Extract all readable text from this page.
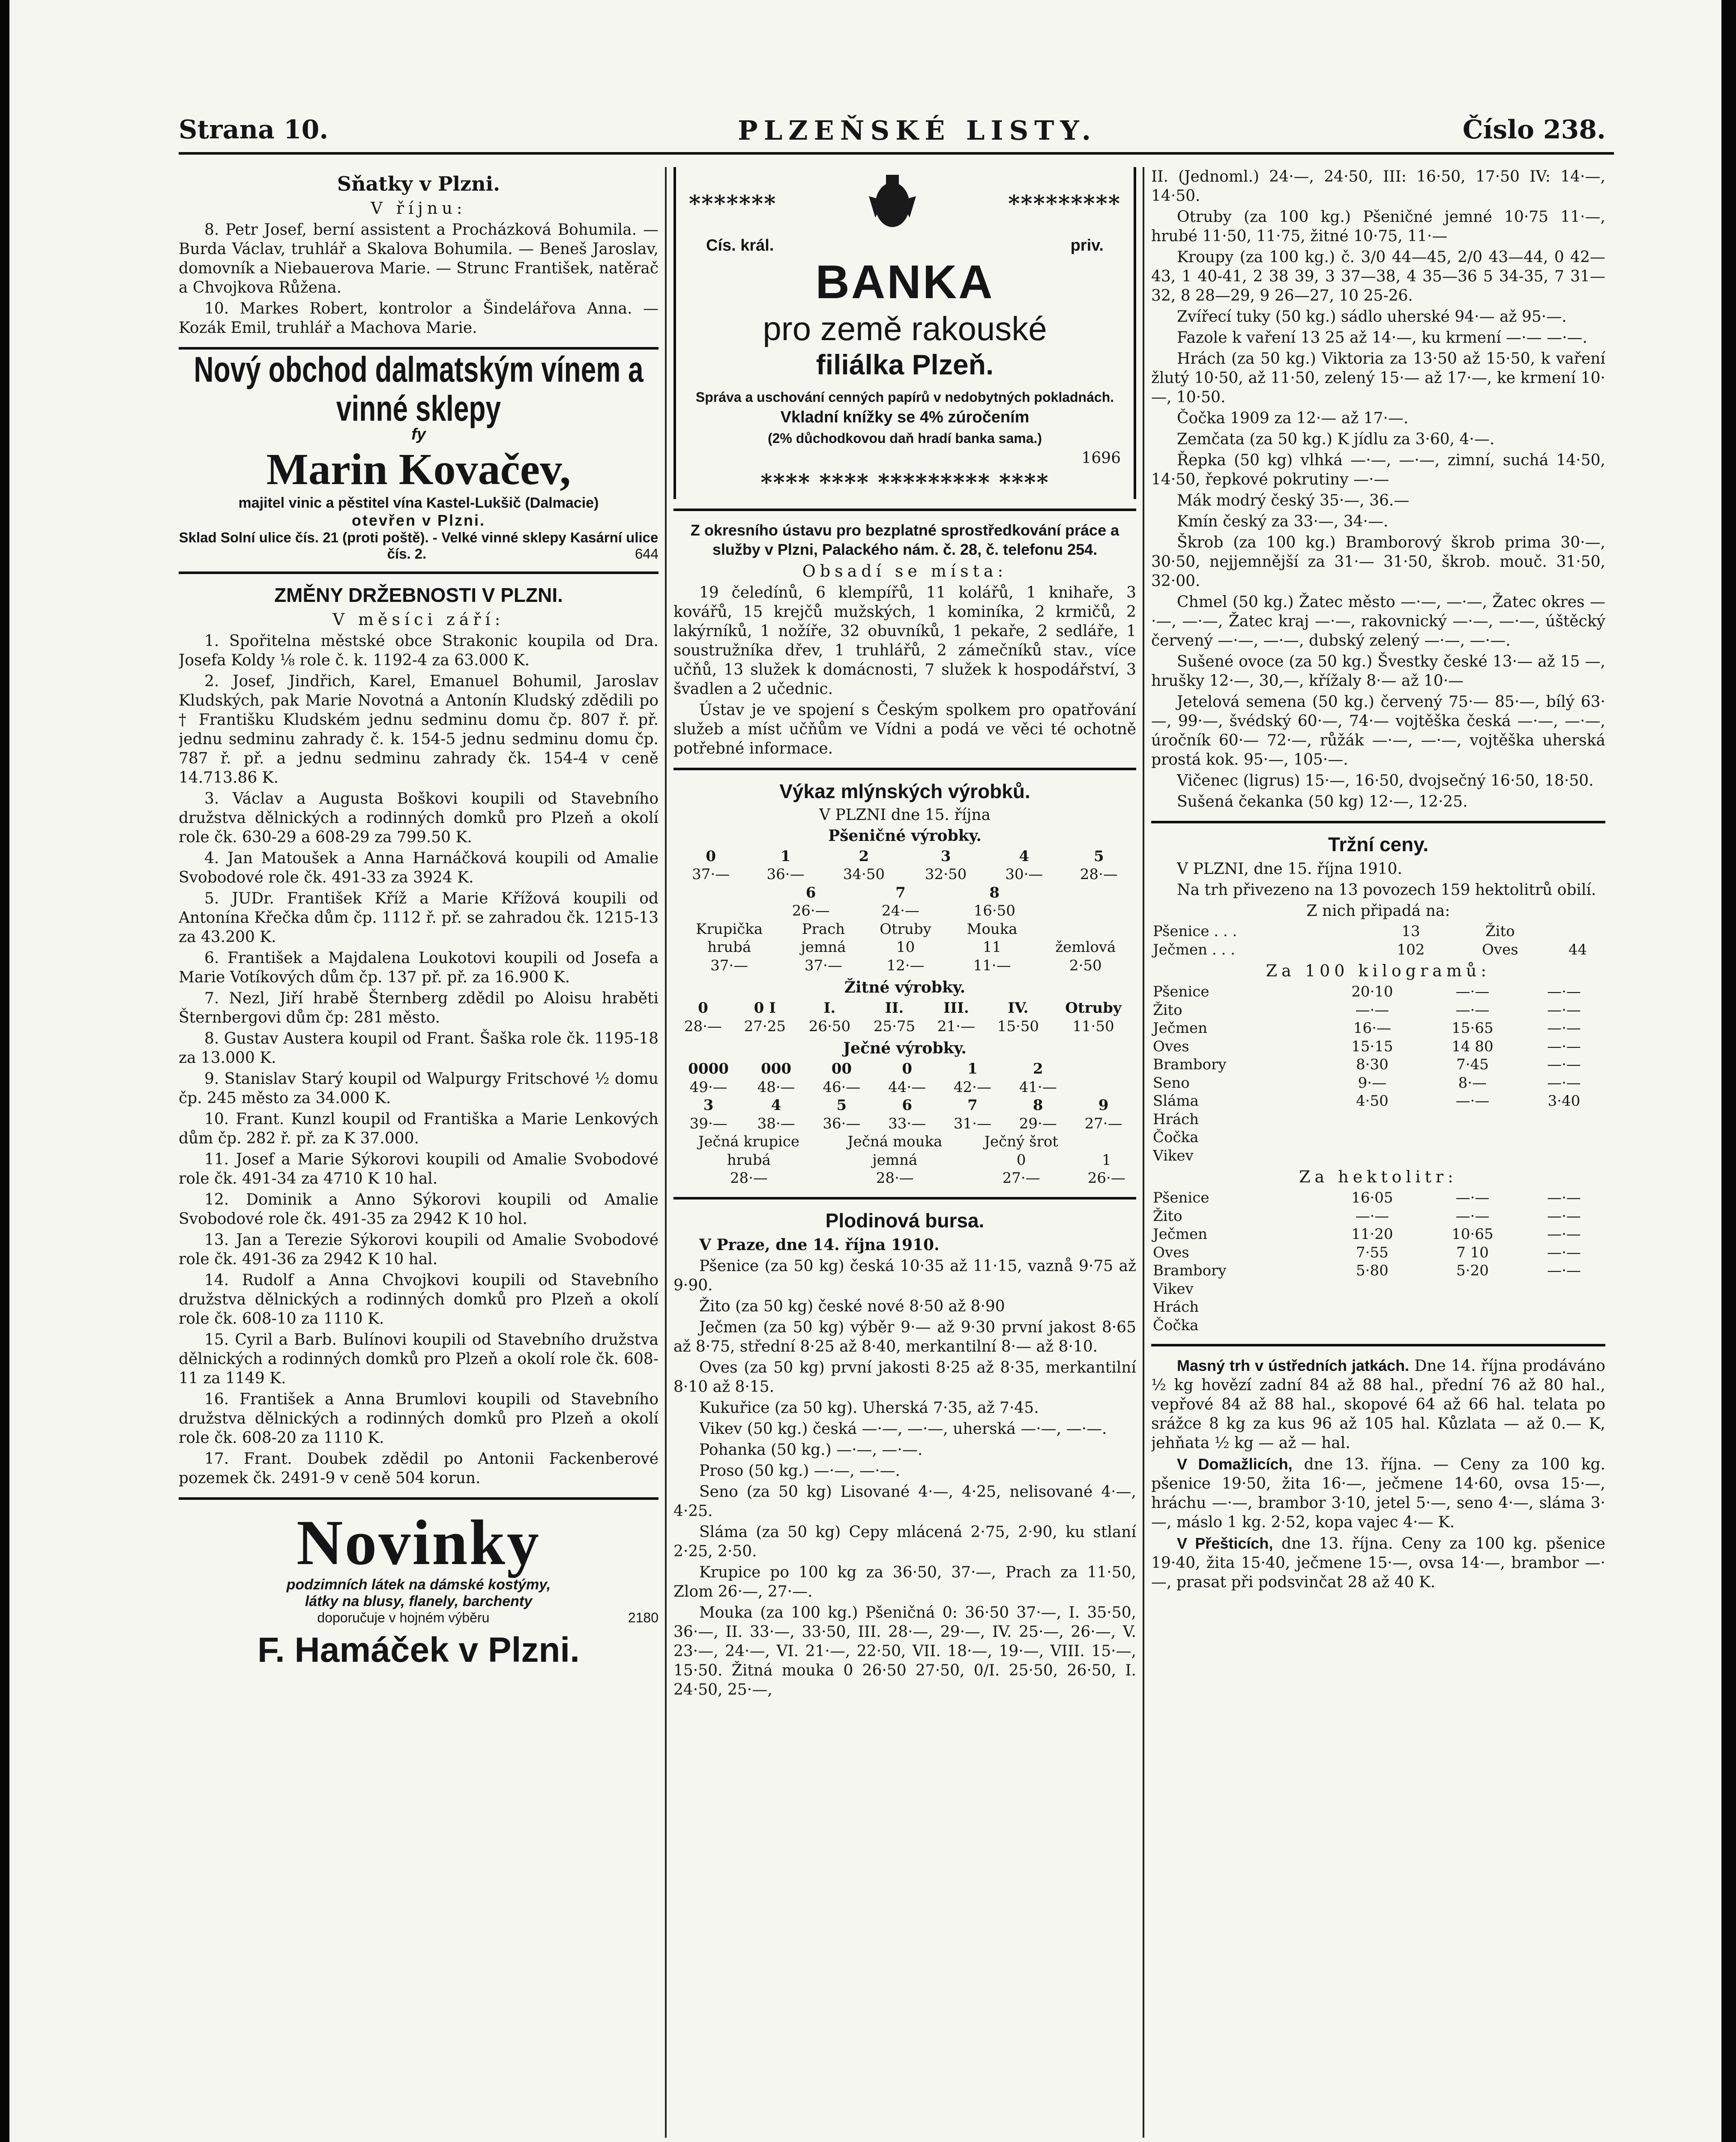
Strana 10.	PLZEŇSKÉ LISTY.	Číslo 238.
Sňatky v Plzni.
V říjnu:

8. Petr Josef, berní assistent a Procházková Bohumila. — Burda Václav, truhlář a Skalova Bohumila. — Beneš Jaroslav, domovník a Niebauerova Marie. — Strunc František, natěrač a Chvojkova Růžena.

10. Markes Robert, kontrolor a Šindelářova Anna. — Kozák Emil, truhlář a Machova Marie.

Nový obchod dalmatským vínem a vinné sklepy
fy
Marin Kovačev,
majitel vinic a pěstitel vína Kastel-Lukšič (Dalmacie)
otevřen v Plzni.
Sklad Solní ulice čís. 21 (proti poště). - Velké vinné sklepy Kasární ulice čís. 2.	644
ZMĚNY DRŽEBNOSTI V PLZNI.
V měsíci září:

1. Spořitelna městské obce Strakonic koupila od Dra. Josefa Koldy ⅛ role č. k. 1192-4 za 63.000 K.

2. Josef, Jindřich, Karel, Emanuel Bohumil, Jaroslav Kludských, pak Marie Novotná a Antonín Kludský zdědili po † Františku Kludském jednu sedminu domu čp. 807 ř. př. jednu sedminu zahrady č. k. 154-5 jednu sedminu domu čp. 787 ř. př. a jednu sedminu zahrady čk. 154-4 v ceně 14.713.86 K.

3. Václav a Augusta Boškovi koupili od Stavebního družstva dělnických a rodinných domků pro Plzeň a okolí role čk. 630-29 a 608-29 za 799.50 K.

4. Jan Matoušek a Anna Harnáčková koupili od Amalie Svobodové role čk. 491-33 za 3924 K.

5. JUDr. František Kříž a Marie Křížová koupili od Antonína Křečka dům čp. 1112 ř. př. se zahradou čk. 1215-13 za 43.200 K.

6. František a Majdalena Loukotovi koupili od Josefa a Marie Votíkových dům čp. 137 př. př. za 16.900 K.

7. Nezl, Jiří hrabě Šternberg zdědil po Aloisu hraběti Šternbergovi dům čp: 281 město.

8. Gustav Austera koupil od Frant. Šaška role čk. 1195-18 za 13.000 K.

9. Stanislav Starý koupil od Walpurgy Fritschové ⅟₂ domu čp. 245 město za 34.000 K.

10. Frant. Kunzl koupil od Františka a Marie Lenkových dům čp. 282 ř. př. za K 37.000.

11. Josef a Marie Sýkorovi koupili od Amalie Svobodové role čk. 491-34 za 4710 K 10 hal.

12. Dominik a Anno Sýkorovi koupili od Amalie Svobodové role čk. 491-35 za 2942 K 10 hol.

13. Jan a Terezie Sýkorovi koupili od Amalie Svobodové role čk. 491-36 za 2942 K 10 hal.

14. Rudolf a Anna Chvojkovi koupili od Stavebního družstva dělnických a rodinných domků pro Plzeň a okolí role čk. 608-10 za 1110 K.

15. Cyril a Barb. Bulínovi koupili od Stavebního družstva dělnických a rodinných domků pro Plzeň a okolí role čk. 608-11 za 1149 K.

16. František a Anna Brumlovi koupili od Stavebního družstva dělnických a rodinných domků pro Plzeň a okolí role čk. 608-20 za 1110 K.

17. Frant. Doubek zdědil po Antonii Fackenberové pozemek čk. 2491-9 v ceně 504 korun.

Novinky
podzimních látek na dámské kostýmy,
látky na blusy, flanely, barchenty
doporučuje v hojném výběru	2180
F. Hamáček v Plzni.
*******	*********
Cís. král.	priv.
BANKA
pro země rakouské
filiálka Plzeň.

Správa a uschování cenných papírů v nedobytných pokladnách.

Vkladní knížky se 4% zúročením

(2% důchodkovou daň hradí banka sama.)

1696

**** **** ********* ****

Z okresního ústavu pro bezplatné sprostředkování práce a služby v Plzni, Palackého nám. č. 28, č. telefonu 254.

Obsadí se místa:

19 čeledínů, 6 klempířů, 11 kolářů, 1 knihaře, 3 kovářů, 15 krejčů mužských, 1 kominíka, 2 krmičů, 2 lakýrníků, 1 nožíře, 32 obuvníků, 1 pekaře, 2 sedláře, 1 soustružníka dřev, 1 truhlářů, 2 zámečníků stav., více učňů, 13 služek k domácnosti, 7 služek k hospodářství, 3 švadlen a 2 učednic.

Ústav je ve spojení s Českým spolkem pro opatřování služeb a míst učňům ve Vídni a podá ve věci té ochotně potřebné informace.

Výkaz mlýnských výrobků.
V PLZNI dne 15. října
Pšeničné výrobky.
0	1	2	3	4	5
37·—	36·—	34·50	32·50	30·—	28·—
6	7	8
26·—	24·—	16·50
Krupička	Prach	Otruby	Mouka	
hrubá	jemná	10	11	žemlová
37·—	37·—	12·—	11·—	2·50
Žitné výrobky.
0	0 I	I.	II.	III.	IV.	Otruby
28·—	27·25	26·50	25·75	21·—	15·50	11·50
Ječné výrobky.
0000	000	00	0	1	2	
49·—	48·—	46·—	44·—	42·—	41·—	
3	4	5	6	7	8	9
39·—	38·—	36·—	33·—	31·—	29·—	27·—
Ječná krupice	Ječná mouka	Ječný šrot	
hrubá	jemná	0	1
28·—	28·—	27·—	26·—
Plodinová bursa.

V Praze, dne 14. října 1910.

Pšenice (za 50 kg) česká 10·35 až 11·15, vaznå 9·75 až 9·90.

Žito (za 50 kg) české nové 8·50 až 8·90

Ječmen (za 50 kg) výběr 9·— až 9·30 první jakost 8·65 až 8·75, střední 8·25 až 8·40, merkantilní 8·— až 8·10.

Oves (za 50 kg) první jakosti 8·25 až 8·35, merkantilní 8·10 až 8·15.

Kukuřice (za 50 kg). Uherská 7·35, až 7·45.

Vikev (50 kg.) česká —·—, —·—, uherská —·—, —·—.

Pohanka (50 kg.) —·—, —·—.

Proso (50 kg.) —·—, —·—.

Seno (za 50 kg) Lisované 4·—, 4·25, nelisované 4·—, 4·25.

Sláma (za 50 kg) Cepy mlácená 2·75, 2·90, ku stlaní 2·25, 2·50.

Krupice po 100 kg za 36·50, 37·—, Prach za 11·50, Zlom 26·—, 27·—.

Mouka (za 100 kg.) Pšeničná 0: 36·50 37·—, I. 35·50, 36·—, II. 33·—, 33·50, III. 28·—, 29·—, IV. 25·—, 26·—, V. 23·—, 24·—, VI. 21·—, 22·50, VII. 18·—, 19·—, VIII. 15·—, 15·50. Žitná mouka 0 26·50 27·50, 0/I. 25·50, 26·50, I. 24·50, 25·—,

II. (Jednoml.) 24·—, 24·50, III: 16·50, 17·50 IV: 14·—, 14·50.

Otruby (za 100 kg.) Pšeničné jemné 10·75 11·—, hrubé 11·50, 11·75, žitné 10·75, 11·—

Kroupy (za 100 kg.) č. 3/0 44—45, 2/0 43—44, 0 42—43, 1 40-41, 2 38 39, 3 37—38, 4 35—36 5 34-35, 7 31—32, 8 28—29, 9 26—27, 10 25-26.

Zvířecí tuky (50 kg.) sádlo uherské 94·— až 95·—.

Fazole k vaření 13 25 až 14·—, ku krmení —·— —·—.

Hrách (za 50 kg.) Viktoria za 13·50 až 15·50, k vaření žlutý 10·50, až 11·50, zelený 15·— až 17·—, ke krmení 10·—, 10·50.

Čočka 1909 za 12·— až 17·—.

Zemčata (za 50 kg.) K jídlu za 3·60, 4·—.

Řepka (50 kg) vlhká —·—, —·—, zimní, suchá 14·50, 14·50, řepkové pokrutiny —·—

Mák modrý český 35·—, 36.—

Kmín český za 33·—, 34·—.

Škrob (za 100 kg.) Bramborový škrob prima 30·—, 30·50, nejjemnější za 31·— 31·50, škrob. mouč. 31·50, 32·00.

Chmel (50 kg.) Žatec město —·—, —·—, Žatec okres —·—, —·—, Žatec kraj —·—, rakovnický —·—, —·—, úštěcký červený —·—, —·—, dubský zelený —·—, —·—.

Sušené ovoce (za 50 kg.) Švestky české 13·— až 15 —, hrušky 12·—, 30,—, křížaly 8·— až 10·—

Jetelová semena (50 kg.) červený 75·— 85·—, bílý 63·—, 99·—, švédský 60·—, 74·— vojtěška česká —·—, —·—, úročník 60·— 72·—, růžák —·—, —·—, vojtěška uherská prostá kok. 95·—, 105·—.

Vičenec (ligrus) 15·—, 16·50, dvojsečný 16·50, 18·50.

Sušená čekanka (50 kg) 12·—, 12·25.

Tržní ceny.

V PLZNI, dne 15. října 1910.

Na trh přivezeno na 13 povozech 159 hektolitrů obilí.

Z nich připadá na:

Pšenice . . .	13	Žito	
Ječmen . . .	102	Oves	44
Za 100 kilogramů:
Pšenice	20·10	—·—	—·—
Žito	—·—	—·—	—·—
Ječmen	16·—	15·65	—·—
Oves	15·15	14 80	—·—
Brambory	8·30	7·45	—·—
Seno	9·—	8·—	—·—
Sláma	4·50	—·—	3·40
Hrách			
Čočka			
Vikev			
Za hektolitr:
Pšenice	16·05	—·—	—·—
Žito	—·—	—·—	—·—
Ječmen	11·20	10·65	—·—
Oves	7·55	7 10	—·—
Brambory	5·80	5·20	—·—
Vikev			
Hrách			
Čočka			

Masný trh v ústředních jatkách. Dne 14. října prodáváno ½ kg hovězí zadní 84 až 88 hal., přední 76 až 80 hal., vepřové 84 až 88 hal., skopové 64 až 66 hal. telata po srážce 8 kg za kus 96 až 105 hal. Kůzlata — až 0.— K, jehňata ½ kg — až — hal.

V Domažlicích, dne 13. října. — Ceny za 100 kg. pšenice 19·50, žita 16·—, ječmene 14·60, ovsa 15·—, hráchu —·—, brambor 3·10, jetel 5·—, seno 4·—, sláma 3·—, máslo 1 kg. 2·52, kopa vajec 4·— K.

V Přešticích, dne 13. října. Ceny za 100 kg. pšenice 19·40, žita 15·40, ječmene 15·—, ovsa 14·—, brambor —·—, prasat při podsvinčat 28 až 40 K.
